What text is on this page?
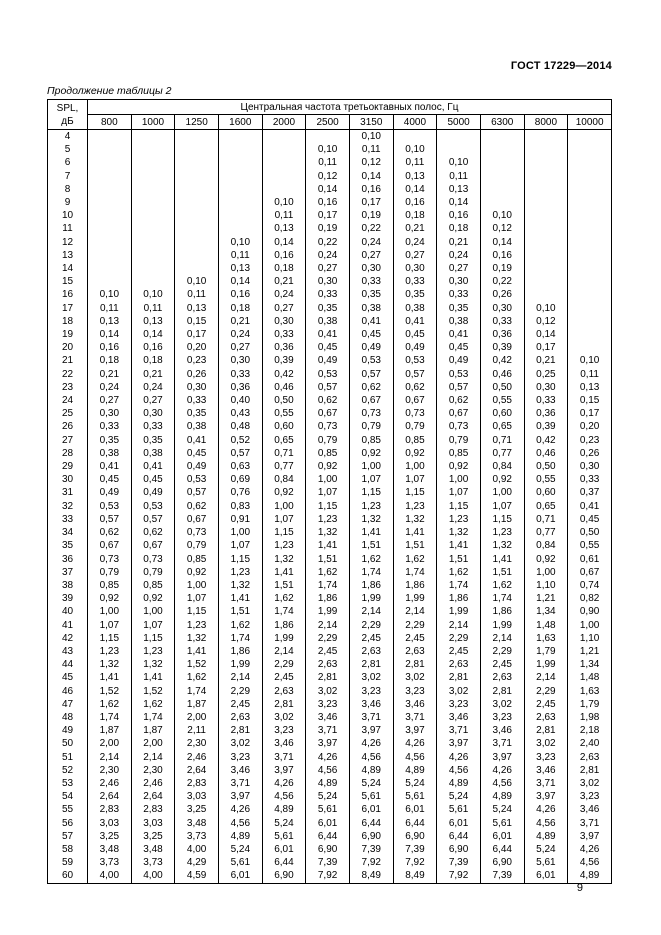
ГОСТ 17229—2014
Продолжение таблицы 2
SPL,
дБ	Центральная частота третьоктавных полос, Гц											
	800	1000	1250	1600	2000	2500	3150	4000	5000	6300	8000	10000
4							0,10					
5						0,10	0,11	0,10				
6						0,11	0,12	0,11	0,10			
7						0,12	0,14	0,13	0,11			
8						0,14	0,16	0,14	0,13			
9					0,10	0,16	0,17	0,16	0,14			
10					0,11	0,17	0,19	0,18	0,16	0,10		
11					0,13	0,19	0,22	0,21	0,18	0,12		
12				0,10	0,14	0,22	0,24	0,24	0,21	0,14		
13				0,11	0,16	0,24	0,27	0,27	0,24	0,16		
14				0,13	0,18	0,27	0,30	0,30	0,27	0,19		
15			0,10	0,14	0,21	0,30	0,33	0,33	0,30	0,22		
16	0,10	0,10	0,11	0,16	0,24	0,33	0,35	0,35	0,33	0,26		
17	0,11	0,11	0,13	0,18	0,27	0,35	0,38	0,38	0,35	0,30	0,10	
18	0,13	0,13	0,15	0,21	0,30	0,38	0,41	0,41	0,38	0,33	0,12	
19	0,14	0,14	0,17	0,24	0,33	0,41	0,45	0,45	0,41	0,36	0,14	
20	0,16	0,16	0,20	0,27	0,36	0,45	0,49	0,49	0,45	0,39	0,17	
21	0,18	0,18	0,23	0,30	0,39	0,49	0,53	0,53	0,49	0,42	0,21	0,10
22	0,21	0,21	0,26	0,33	0,42	0,53	0,57	0,57	0,53	0,46	0,25	0,11
23	0,24	0,24	0,30	0,36	0,46	0,57	0,62	0,62	0,57	0,50	0,30	0,13
24	0,27	0,27	0,33	0,40	0,50	0,62	0,67	0,67	0,62	0,55	0,33	0,15
25	0,30	0,30	0,35	0,43	0,55	0,67	0,73	0,73	0,67	0,60	0,36	0,17
26	0,33	0,33	0,38	0,48	0,60	0,73	0,79	0,79	0,73	0,65	0,39	0,20
27	0,35	0,35	0,41	0,52	0,65	0,79	0,85	0,85	0,79	0,71	0,42	0,23
28	0,38	0,38	0,45	0,57	0,71	0,85	0,92	0,92	0,85	0,77	0,46	0,26
29	0,41	0,41	0,49	0,63	0,77	0,92	1,00	1,00	0,92	0,84	0,50	0,30
30	0,45	0,45	0,53	0,69	0,84	1,00	1,07	1,07	1,00	0,92	0,55	0,33
31	0,49	0,49	0,57	0,76	0,92	1,07	1,15	1,15	1,07	1,00	0,60	0,37
32	0,53	0,53	0,62	0,83	1,00	1,15	1,23	1,23	1,15	1,07	0,65	0,41
33	0,57	0,57	0,67	0,91	1,07	1,23	1,32	1,32	1,23	1,15	0,71	0,45
34	0,62	0,62	0,73	1,00	1,15	1,32	1,41	1,41	1,32	1,23	0,77	0,50
35	0,67	0,67	0,79	1,07	1,23	1,41	1,51	1,51	1,41	1,32	0,84	0,55
36	0,73	0,73	0,85	1,15	1,32	1,51	1,62	1,62	1,51	1,41	0,92	0,61
37	0,79	0,79	0,92	1,23	1,41	1,62	1,74	1,74	1,62	1,51	1,00	0,67
38	0,85	0,85	1,00	1,32	1,51	1,74	1,86	1,86	1,74	1,62	1,10	0,74
39	0,92	0,92	1,07	1,41	1,62	1,86	1,99	1,99	1,86	1,74	1,21	0,82
40	1,00	1,00	1,15	1,51	1,74	1,99	2,14	2,14	1,99	1,86	1,34	0,90
41	1,07	1,07	1,23	1,62	1,86	2,14	2,29	2,29	2,14	1,99	1,48	1,00
42	1,15	1,15	1,32	1,74	1,99	2,29	2,45	2,45	2,29	2,14	1,63	1,10
43	1,23	1,23	1,41	1,86	2,14	2,45	2,63	2,63	2,45	2,29	1,79	1,21
44	1,32	1,32	1,52	1,99	2,29	2,63	2,81	2,81	2,63	2,45	1,99	1,34
45	1,41	1,41	1,62	2,14	2,45	2,81	3,02	3,02	2,81	2,63	2,14	1,48
46	1,52	1,52	1,74	2,29	2,63	3,02	3,23	3,23	3,02	2,81	2,29	1,63
47	1,62	1,62	1,87	2,45	2,81	3,23	3,46	3,46	3,23	3,02	2,45	1,79
48	1,74	1,74	2,00	2,63	3,02	3,46	3,71	3,71	3,46	3,23	2,63	1,98
49	1,87	1,87	2,11	2,81	3,23	3,71	3,97	3,97	3,71	3,46	2,81	2,18
50	2,00	2,00	2,30	3,02	3,46	3,97	4,26	4,26	3,97	3,71	3,02	2,40
51	2,14	2,14	2,46	3,23	3,71	4,26	4,56	4,56	4,26	3,97	3,23	2,63
52	2,30	2,30	2,64	3,46	3,97	4,56	4,89	4,89	4,56	4,26	3,46	2,81
53	2,46	2,46	2,83	3,71	4,26	4,89	5,24	5,24	4,89	4,56	3,71	3,02
54	2,64	2,64	3,03	3,97	4,56	5,24	5,61	5,61	5,24	4,89	3,97	3,23
55	2,83	2,83	3,25	4,26	4,89	5,61	6,01	6,01	5,61	5,24	4,26	3,46
56	3,03	3,03	3,48	4,56	5,24	6,01	6,44	6,44	6,01	5,61	4,56	3,71
57	3,25	3,25	3,73	4,89	5,61	6,44	6,90	6,90	6,44	6,01	4,89	3,97
58	3,48	3,48	4,00	5,24	6,01	6,90	7,39	7,39	6,90	6,44	5,24	4,26
59	3,73	3,73	4,29	5,61	6,44	7,39	7,92	7,92	7,39	6,90	5,61	4,56
60	4,00	4,00	4,59	6,01	6,90	7,92	8,49	8,49	7,92	7,39	6,01	4,89
9
